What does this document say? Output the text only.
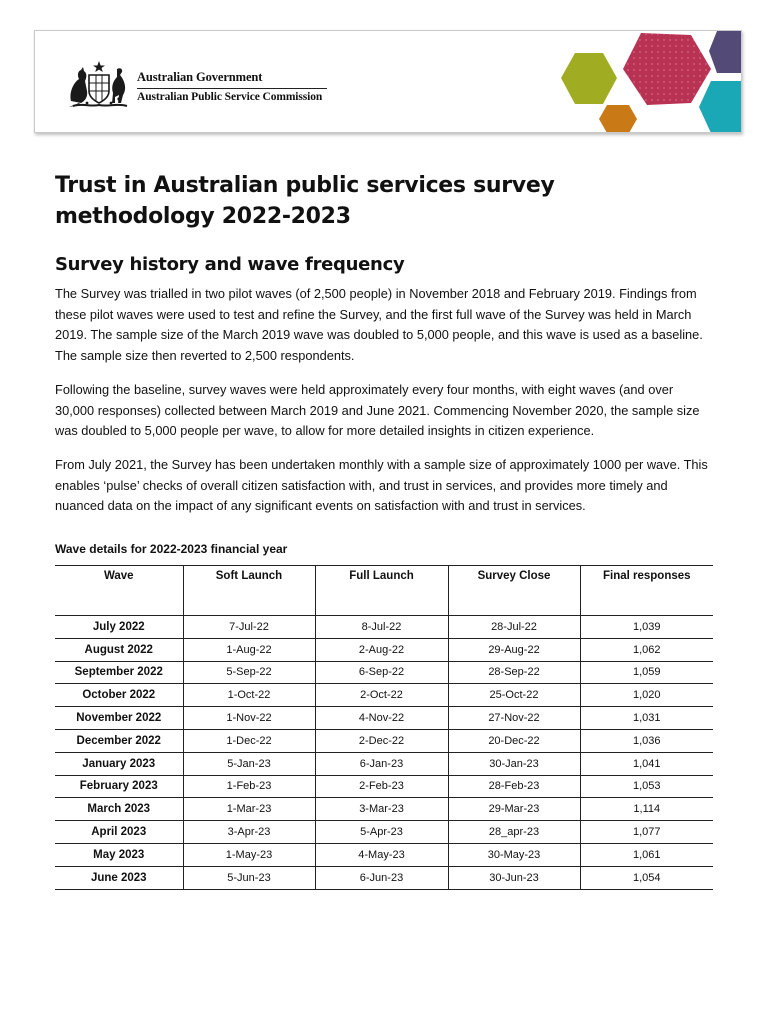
Australian Government
Australian Public Service Commission
Trust in Australian public services survey methodology 2022-2023
Survey history and wave frequency

The Survey was trialled in two pilot waves (of 2,500 people) in November 2018 and February 2019. Findings from these pilot waves were used to test and refine the Survey, and the first full wave of the Survey was held in March 2019. The sample size of the March 2019 wave was doubled to 5,000 people, and this wave is used as a baseline. The sample size then reverted to 2,500 respondents.

Following the baseline, survey waves were held approximately every four months, with eight waves (and over 30,000 responses) collected between March 2019 and June 2021. Commencing November 2020, the sample size was doubled to 5,000 people per wave, to allow for more detailed insights in citizen experience.

From July 2021, the Survey has been undertaken monthly with a sample size of approximately 1000 per wave. This enables ‘pulse’ checks of overall citizen satisfaction with, and trust in services, and provides more timely and nuanced data on the impact of any significant events on satisfaction with and trust in services.

Wave details for 2022-2023 financial year
Wave	Soft Launch	Full Launch	Survey Close	Final responses
July 2022	7-Jul-22	8-Jul-22	28-Jul-22	1,039
August 2022	1-Aug-22	2-Aug-22	29-Aug-22	1,062
September 2022	5-Sep-22	6-Sep-22	28-Sep-22	1,059
October 2022	1-Oct-22	2-Oct-22	25-Oct-22	1,020
November 2022	1-Nov-22	4-Nov-22	27-Nov-22	1,031
December 2022	1-Dec-22	2-Dec-22	20-Dec-22	1,036
January 2023	5-Jan-23	6-Jan-23	30-Jan-23	1,041
February 2023	1-Feb-23	2-Feb-23	28-Feb-23	1,053
March 2023	1-Mar-23	3-Mar-23	29-Mar-23	1,114
April 2023	3-Apr-23	5-Apr-23	28_apr-23	1,077
May 2023	1-May-23	4-May-23	30-May-23	1,061
June 2023	5-Jun-23	6-Jun-23	30-Jun-23	1,054
